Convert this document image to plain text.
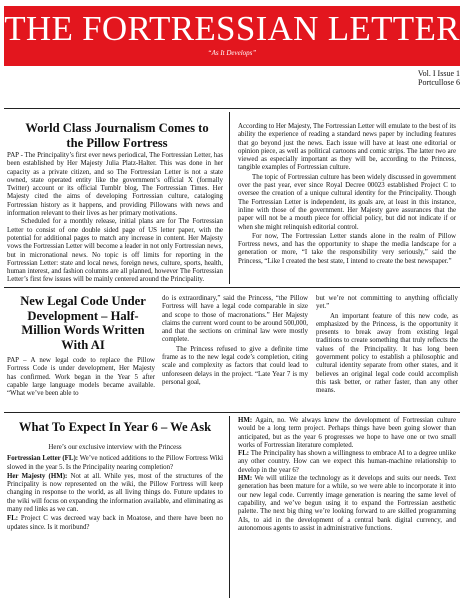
THE FORTRESSIAN LETTER
“As It Develops”
Vol. I Issue 1
Portcullose 6
World Class Journalism Comes to the Pillow Fortress

PAP - The Principality’s first ever news periodical, The Fortressian Letter, has been established by Her Majesty Julia Platz-Halter. This was done in her capacity as a private citizen, and so The Fortressian Letter is not a state owned, state operated entity like the government’s official X (formally Twitter) account or its official Tumblr blog, The Fortressian Times. Her Majesty cited the aims of developing Fortressian culture, cataloging Fortressian history as it happens, and providing Pillowans with news and information relevant to their lives as her primary motivations.

Scheduled for a monthly release, initial plans are for The Fortressian Letter to consist of one double sided page of US letter paper, with the potential for additional pages to match any increase in content. Her Majesty vows the Fortressian Letter will become a leader in not only Fortressian news, but in micronational news. No topic is off limits for reporting in the Fortressian Letter: state and local news, foreign news, culture, sports, health, human interest, and fashion columns are all planned, however The Fortressian Letter’s first few issues will be mainly centered around the Principality.

According to Her Majesty, The Fortressian Letter will emulate to the best of its ability the experience of reading a standard news paper by including features that go beyond just the news. Each issue will have at least one editorial or opinion piece, as well as political cartoons and comic strips. The latter two are viewed as especially important as they will be, according to the Princess, tangible examples of Fortressian culture.

The topic of Fortressian culture has been widely discussed in government over the past year, ever since Royal Decree 00023 established Project C to oversee the creation of a unique cultural identity for the Principality. Though The Fortressian Letter is independent, its goals are, at least in this instance, inline with those of the government. Her Majesty gave assurances that the paper will not be a mouth piece for official policy, but did not indicate if or when she might relinquish editorial control.

For now, The Fortressian Letter stands alone in the realm of Pillow Fortress news, and has the opportunity to shape the media landscape for a generation or more, “I take the responsibility very seriously,” said the Princess, “Like I created the best state, I intend to create the best newspaper.”

New Legal Code Under Development – Half-Million Words Written With AI

PAP – A new legal code to replace the Pillow Fortress Code is under development, Her Majesty has confirmed. Work began in the Year 5 after capable large language models became available. “What we’ve been able to

do is extraordinary,” said the Princess, “the Pillow Fortress will have a legal code comparable in size and scope to those of macronations.” Her Majesty claims the current word count to be around 500,000, and that the sections on criminal law were mostly complete.

The Princess refused to give a definite time frame as to the new legal code’s completion, citing scale and complexity as factors that could lead to unforeseen delays in the project. “Late Year 7 is my personal goal,

but we’re not committing to anything officially yet.”

An important feature of this new code, as emphasized by the Princess, is the opportunity it presents to break away from existing legal traditions to create something that truly reflects the values of the Principality. It has long been government policy to establish a philosophic and cultural identity separate from other states, and it believes an original legal code could accomplish this task better, or rather faster, than any other means.

What To Expect In Year 6 – We Ask

Here’s our exclusive interview with the Princess

Fortressian Letter (FL): We’ve noticed additions to the Pillow Fortress Wiki slowed in the year 5. Is the Principality nearing completion?

Her Majesty (HM): Not at all. While yes, most of the structures of the Principality is now represented on the wiki, the Pillow Fortress will keep changing in response to the world, as all living things do. Future updates to the wiki will focus on expanding the information available, and eliminating as many red links as we can.

FL: Project C was decreed way back in Moatose, and there have been no updates since. Is it moribund?

HM: Again, no. We always knew the development of Fortressian culture would be a long term project. Perhaps things have been going slower than anticipated, but as the year 6 progresses we hope to have one or two small works of Fortressian literature completed.

FL: The Principality has shown a willingness to embrace AI to a degree unlike any other country. How can we expect this human-machine relationship to develop in the year 6?

HM: We will utilize the technology as it develops and suits our needs. Text generation has been mature for a while, so we were able to incorporate it into our new legal code. Currently image generation is nearing the same level of capability, and we’ve begun using it to expand the Fortressian aesthetic palette. The next big thing we’re looking forward to are skilled programming AIs, to aid in the development of a central bank digital currency, and autonomous agents to assist in administrative functions.
